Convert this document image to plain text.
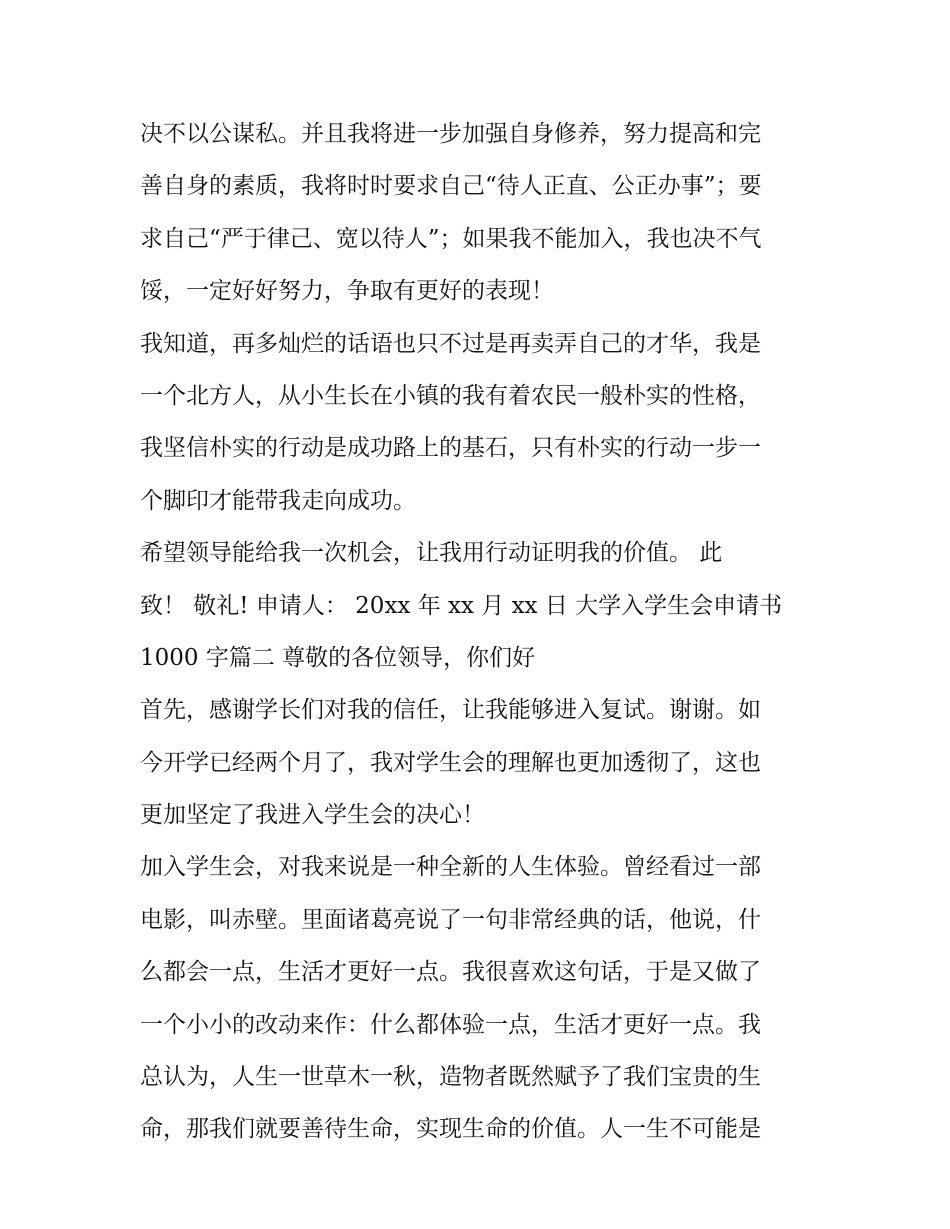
决不以公谋私。并且我将进一步加强自身修养，努力提高和完
善自身的素质，我将时时要求自己“待人正直、公正办事”；要
求自己“严于律己、宽以待人”；如果我不能加入，我也决不气
馁，一定好好努力，争取有更好的表现！
我知道，再多灿烂的话语也只不过是再卖弄自己的才华，我是
一个北方人，从小生长在小镇的我有着农民一般朴实的性格，
我坚信朴实的行动是成功路上的基石，只有朴实的行动一步一
个脚印才能带我走向成功。
希望领导能给我一次机会，让我用行动证明我的价值。 此
致！ 敬礼! 申请人： 20xx 年 xx 月 xx 日 大学入学生会申请书
1000 字篇二 尊敬的各位领导，你们好
首先，感谢学长们对我的信任，让我能够进入复试。谢谢。如
今开学已经两个月了，我对学生会的理解也更加透彻了，这也
更加坚定了我进入学生会的决心！
加入学生会，对我来说是一种全新的人生体验。曾经看过一部
电影，叫赤壁。里面诸葛亮说了一句非常经典的话，他说，什
么都会一点，生活才更好一点。我很喜欢这句话，于是又做了
一个小小的改动来作：什么都体验一点，生活才更好一点。我
总认为，人生一世草木一秋，造物者既然赋予了我们宝贵的生
命，那我们就要善待生命，实现生命的价值。人一生不可能是
